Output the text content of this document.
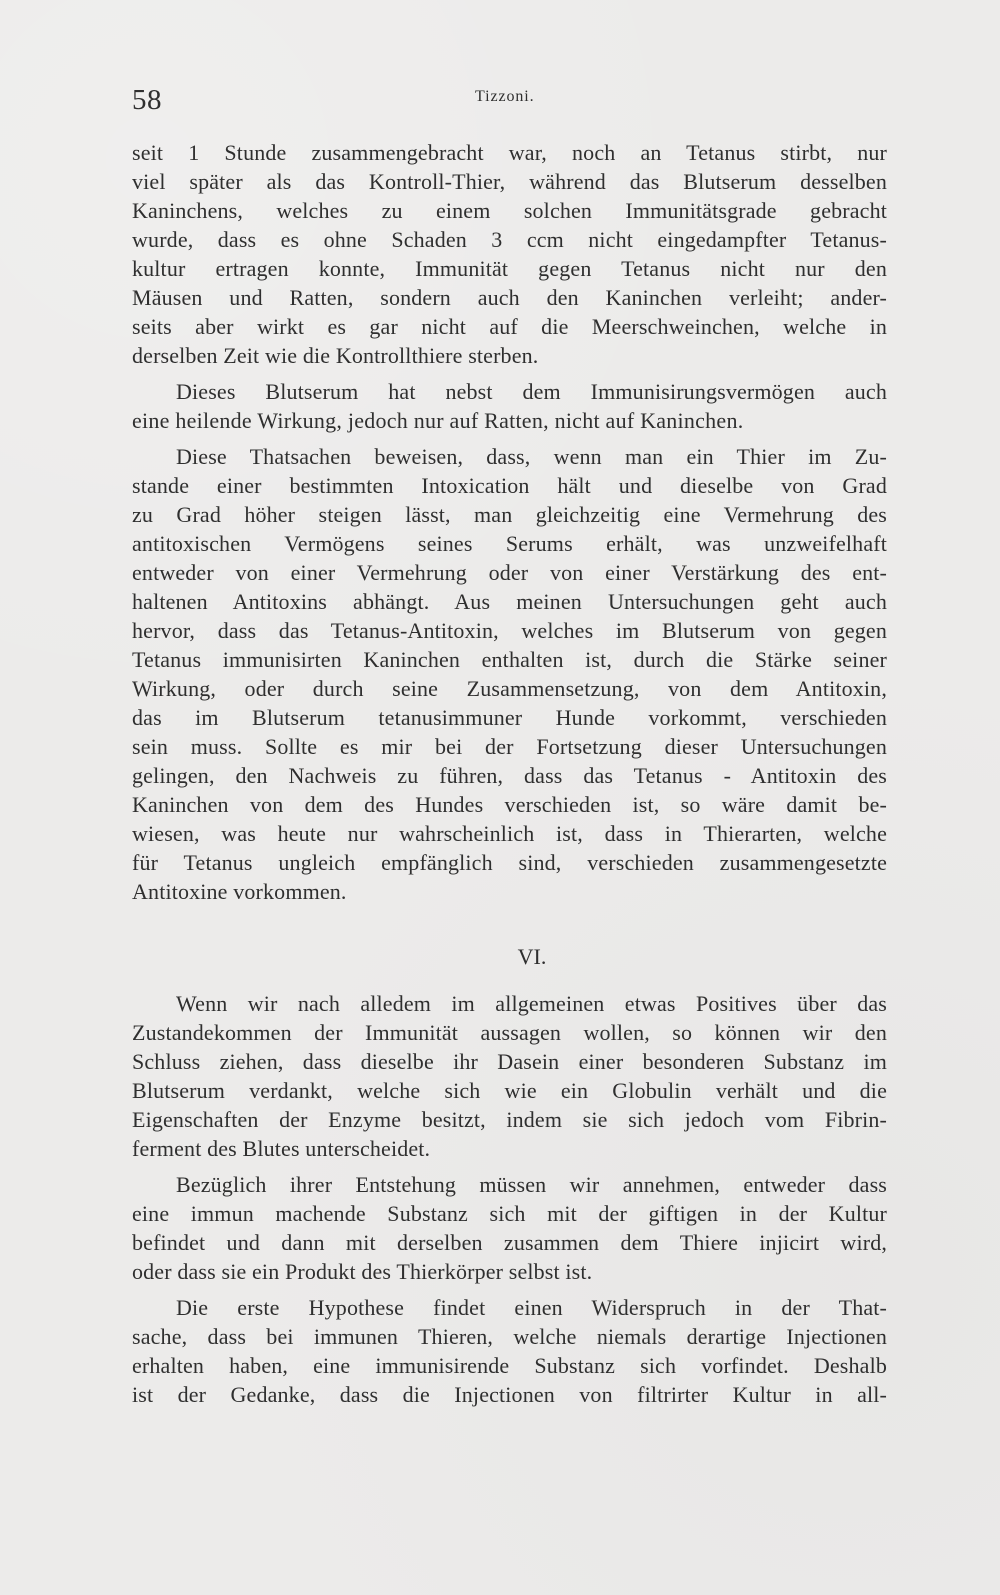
58	Tizzoni.
seit 1 Stunde zusammengebracht war, noch an Tetanus stirbt, nur
viel später als das Kontroll-Thier, während das Blutserum desselben
Kaninchens, welches zu einem solchen Immunitätsgrade gebracht
wurde, dass es ohne Schaden 3 ccm nicht eingedampfter Tetanus-
kultur ertragen konnte, Immunität gegen Tetanus nicht nur den
Mäusen und Ratten, sondern auch den Kaninchen verleiht; ander-
seits aber wirkt es gar nicht auf die Meerschweinchen, welche in
derselben Zeit wie die Kontrollthiere sterben.
Dieses Blutserum hat nebst dem Immunisirungsvermögen auch
eine heilende Wirkung, jedoch nur auf Ratten, nicht auf Kaninchen.
Diese Thatsachen beweisen, dass, wenn man ein Thier im Zu-
stande einer bestimmten Intoxication hält und dieselbe von Grad
zu Grad höher steigen lässt, man gleichzeitig eine Vermehrung des
antitoxischen Vermögens seines Serums erhält, was unzweifelhaft
entweder von einer Vermehrung oder von einer Verstärkung des ent-
haltenen Antitoxins abhängt. Aus meinen Untersuchungen geht auch
hervor, dass das Tetanus-Antitoxin, welches im Blutserum von gegen
Tetanus immunisirten Kaninchen enthalten ist, durch die Stärke seiner
Wirkung, oder durch seine Zusammensetzung, von dem Antitoxin,
das im Blutserum tetanusimmuner Hunde vorkommt, verschieden
sein muss. Sollte es mir bei der Fortsetzung dieser Untersuchungen
gelingen, den Nachweis zu führen, dass das Tetanus - Antitoxin des
Kaninchen von dem des Hundes verschieden ist, so wäre damit be-
wiesen, was heute nur wahrscheinlich ist, dass in Thierarten, welche
für Tetanus ungleich empfänglich sind, verschieden zusammengesetzte
Antitoxine vorkommen.
VI.
Wenn wir nach alledem im allgemeinen etwas Positives über das
Zustandekommen der Immunität aussagen wollen, so können wir den
Schluss ziehen, dass dieselbe ihr Dasein einer besonderen Substanz im
Blutserum verdankt, welche sich wie ein Globulin verhält und die
Eigenschaften der Enzyme besitzt, indem sie sich jedoch vom Fibrin-
ferment des Blutes unterscheidet.
Bezüglich ihrer Entstehung müssen wir annehmen, entweder dass
eine immun machende Substanz sich mit der giftigen in der Kultur
befindet und dann mit derselben zusammen dem Thiere injicirt wird,
oder dass sie ein Produkt des Thierkörper selbst ist.
Die erste Hypothese findet einen Widerspruch in der That-
sache, dass bei immunen Thieren, welche niemals derartige Injectionen
erhalten haben, eine immunisirende Substanz sich vorfindet. Deshalb
ist der Gedanke, dass die Injectionen von filtrirter Kultur in all-
